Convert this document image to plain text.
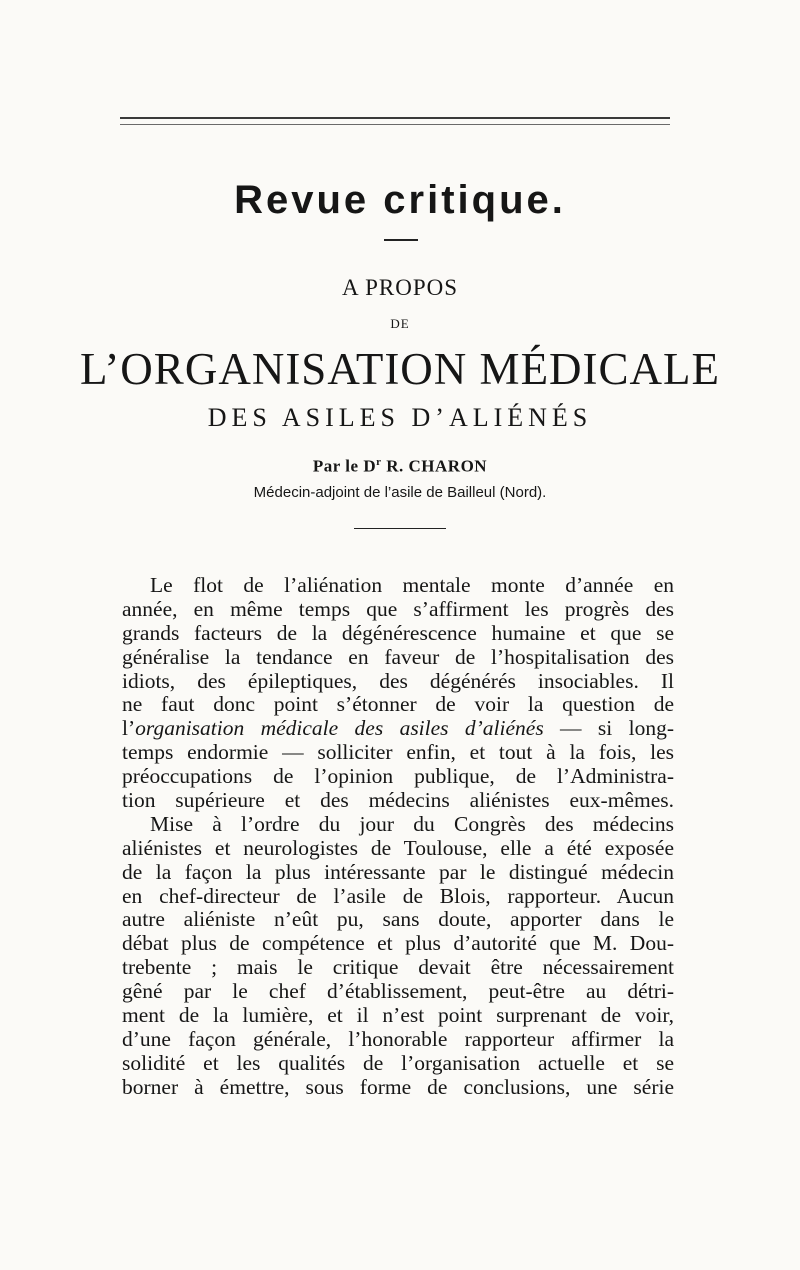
Revue critique.
A PROPOS
DE
L’ORGANISATION MÉDICALE
DES ASILES D’ALIÉNÉS
Par le $D^r$ R. CHARON
Médecin-adjoint de l’asile de Bailleul (Nord).
Le flot de l’aliénation mentale monte d’année en
année, en même temps que s’affirment les progrès des
grands facteurs de la dégénérescence humaine et que se
généralise la tendance en faveur de l’hospitalisation des
idiots, des épileptiques, des dégénérés insociables. Il
ne faut donc point s’étonner de voir la question de
l’organisation médicale des asiles d’aliénés — si long-
temps endormie — solliciter enfin, et tout à la fois, les
préoccupations de l’opinion publique, de l’Administra-
tion supérieure et des médecins aliénistes eux-mêmes.
Mise à l’ordre du jour du Congrès des médecins
aliénistes et neurologistes de Toulouse, elle a été exposée
de la façon la plus intéressante par le distingué médecin
en chef-directeur de l’asile de Blois, rapporteur. Aucun
autre aliéniste n’eût pu, sans doute, apporter dans le
débat plus de compétence et plus d’autorité que M. Dou-
trebente ; mais le critique devait être nécessairement
gêné par le chef d’établissement, peut-être au détri-
ment de la lumière, et il n’est point surprenant de voir,
d’une façon générale, l’honorable rapporteur affirmer la
solidité et les qualités de l’organisation actuelle et se
borner à émettre, sous forme de conclusions, une série
